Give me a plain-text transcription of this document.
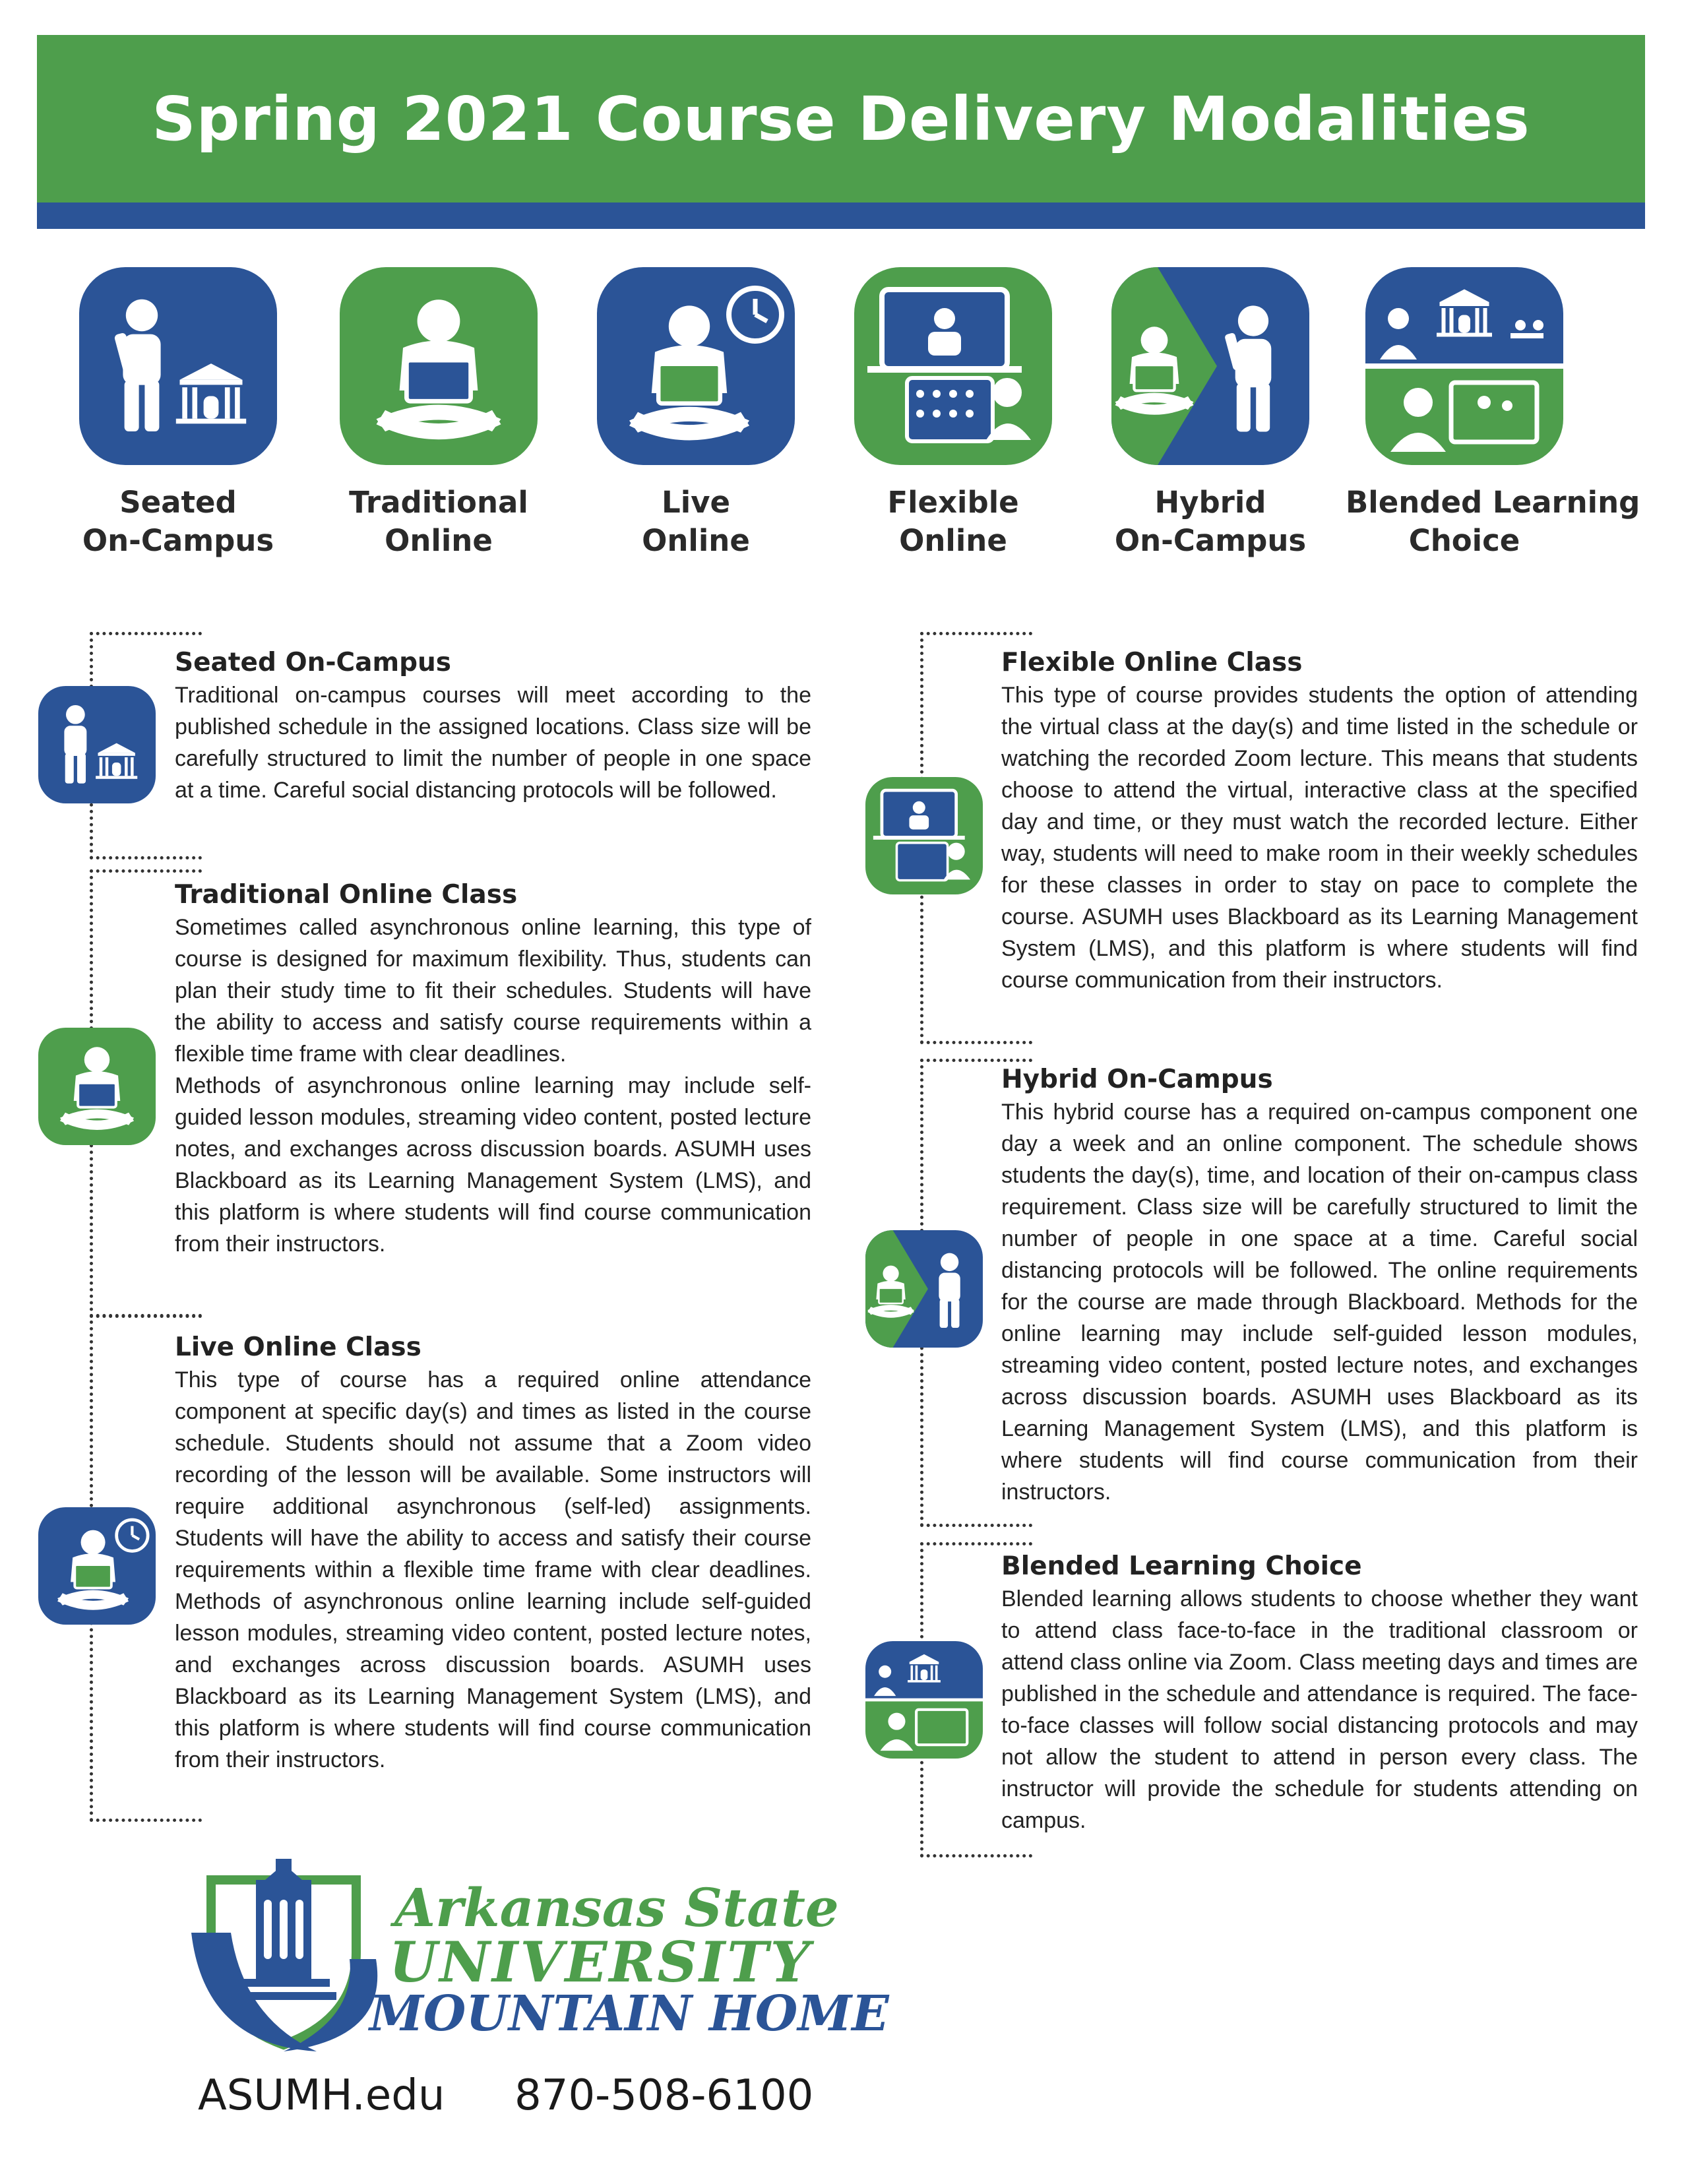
Spring 2021 Course Delivery Modalities
Seated
On-Campus
Traditional
Online
Live
Online
Flexible
Online
Hybrid
On-Campus
Blended Learning
Choice
Seated On-Campus

Traditional on-campus courses will meet according to the published schedule in the assigned locations. Class size will be carefully structured to limit the number of people in one space at a time. Careful social distancing protocols will be followed.

Traditional Online Class

Sometimes called asynchronous online learning, this type of course is designed for maximum flexibility. Thus, students can plan their study time to fit their schedules. Students will have the ability to access and satisfy course requirements within a flexible time frame with clear deadlines.

Methods of asynchronous online learning may include self-guided lesson modules, streaming video content, posted lecture notes, and exchanges across discussion boards. ASUMH uses Blackboard as its Learning Management System (LMS), and this platform is where students will find course communication from their instructors.

Live Online Class

This type of course has a required online attendance component at specific day(s) and times as listed in the course schedule. Students should not assume that a Zoom video recording of the lesson will be available. Some instructors will require additional asynchronous (self-led) assignments. Students will have the ability to access and satisfy their course requirements within a flexible time frame with clear deadlines. Methods of asynchronous online learning include self-guided lesson modules, streaming video content, posted lecture notes, and exchanges across discussion boards. ASUMH uses Blackboard as its Learning Management System (LMS), and this platform is where students will find course communication from their instructors.

Flexible Online Class

This type of course provides students the option of attending the virtual class at the day(s) and time listed in the schedule or watching the recorded Zoom lecture. This means that students choose to attend the virtual, interactive class at the specified day and time, or they must watch the recorded lecture. Either way, students will need to make room in their weekly schedules for these classes in order to stay on pace to complete the course. ASUMH uses Blackboard as its Learning Management System (LMS), and this platform is where students will find course communication from their instructors.

Hybrid On-Campus

This hybrid course has a required on-campus component one day a week and an online component. The schedule shows students the day(s), time, and location of their on-campus class requirement. Class size will be carefully structured to limit the number of people in one space at a time. Careful social distancing protocols will be followed. The online requirements for the course are made through Blackboard. Methods for the online learning may include self-guided lesson modules, streaming video content, posted lecture notes, and exchanges across discussion boards. ASUMH uses Blackboard as its Learning Management System (LMS), and this platform is where students will find course communication from their instructors.

Blended Learning Choice

Blended learning allows students to choose whether they want to attend class face-to-face in the traditional classroom or attend class online via Zoom. Class meeting days and times are published in the schedule and attendance is required. The face-to-face classes will follow social distancing protocols and may not allow the student to attend in person every class. The instructor will provide the schedule for students attending on campus.

Arkansas State
UNIVERSITY
MOUNTAIN HOME
ASUMH.edu 870-508-6100
